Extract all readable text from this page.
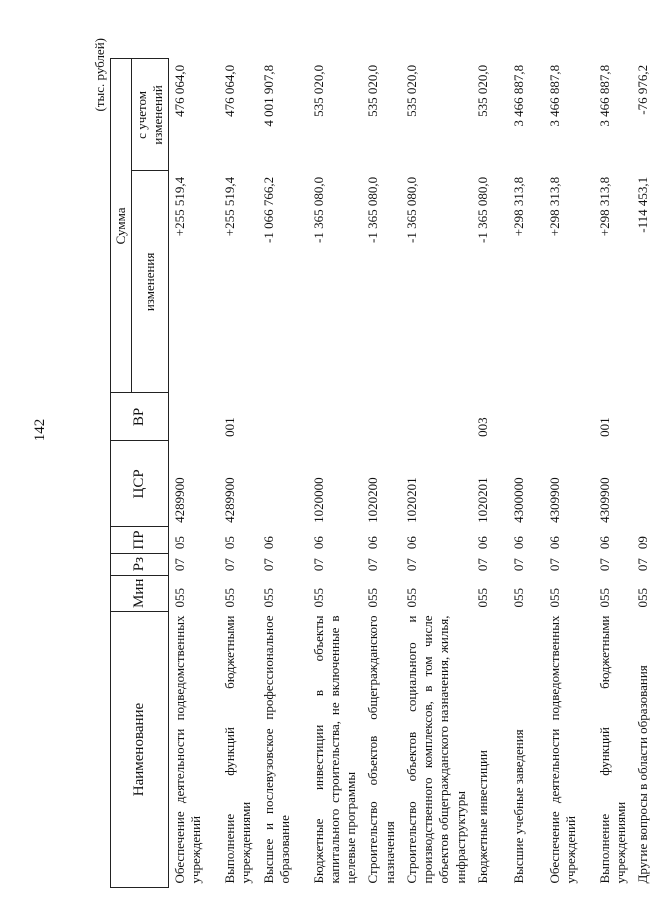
142
(тыс. рублей)
Наименование	Мин	Рз	ПР	ЦСР	ВР	Сумма	
						изменения	с учетом изменений
Обеспечение деятельности подведомственных учреждений	055	07	05	4289900		+255 519,4	476 064,0
Выполнение функций бюджетными учреждениями	055	07	05	4289900	001	+255 519,4	476 064,0
Высшее и послевузовское профессиональное образование	055	07	06			-1 066 766,2	4 001 907,8
Бюджетные инвестиции в объекты капитального строительства, не включенные в целевые программы	055	07	06	1020000		-1 365 080,0	535 020,0
Строительство объектов общегражданского назначения	055	07	06	1020200		-1 365 080,0	535 020,0
Строительство объектов социального и производственного комплексов, в том числе объектов общегражданского назначения, жилья, инфраструктуры	055	07	06	1020201		-1 365 080,0	535 020,0
Бюджетные инвестиции	055	07	06	1020201	003	-1 365 080,0	535 020,0
Высшие учебные заведения	055	07	06	4300000		+298 313,8	3 466 887,8
Обеспечение деятельности подведомственных учреждений	055	07	06	4309900		+298 313,8	3 466 887,8
Выполнение функций бюджетными учреждениями	055	07	06	4309900	001	+298 313,8	3 466 887,8
Другие вопросы в области образования	055	07	09			-114 453,1	-76 976,2
